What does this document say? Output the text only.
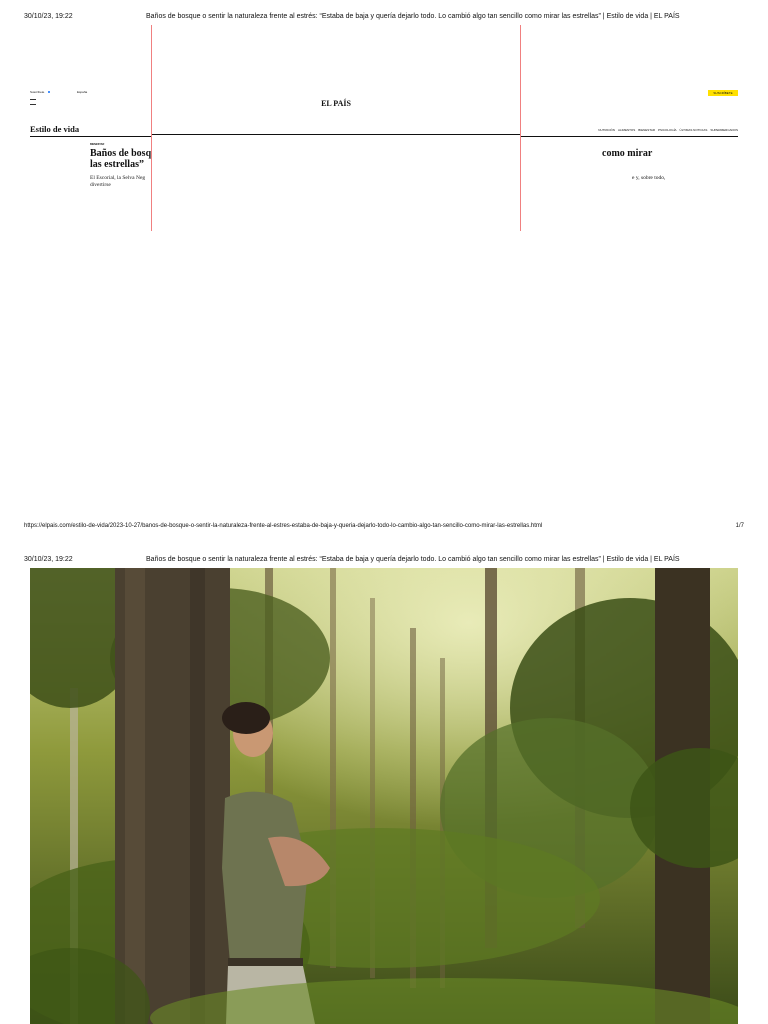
30/10/23, 19:22	Baños de bosque o sentir la naturaleza frente al estrés: “Estaba de baja y quería dejarlo todo. Lo cambió algo tan sencillo como mirar las estrellas” | Estilo de vida | EL PAÍS
Suscríbete	España	SUSCRÍBETE
Estilo de vida	NUTRICIÓN ALIMENTOS BIENESTAR PSICOLOGÍA ÚLTIMAS NOTICIAS SUPERMERCADOS
BIENESTAR
Baños de bosq
las estrellas”
El Escorial, la Selva Neg
divertirse
como mirar
e y, sobre todo,
EL PAÍS
https://elpais.com/estilo-de-vida/2023-10-27/banos-de-bosque-o-sentir-la-naturaleza-frente-al-estres-estaba-de-baja-y-queria-dejarlo-todo-lo-cambio-algo-tan-sencillo-como-mirar-las-estrellas.html	1/7
30/10/23, 19:22	Baños de bosque o sentir la naturaleza frente al estrés: “Estaba de baja y quería dejarlo todo. Lo cambió algo tan sencillo como mirar las estrellas” | Estilo de vida | EL PAÍS
